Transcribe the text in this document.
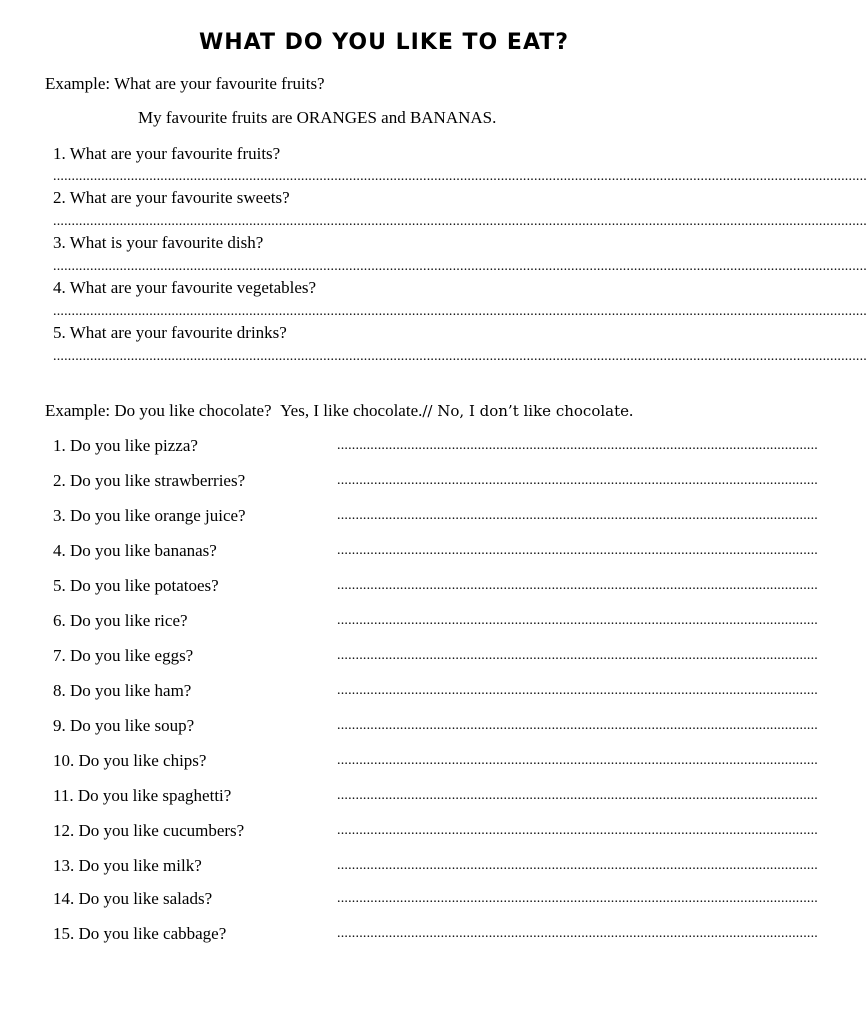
WHAT DO YOU LIKE TO EAT?
Example: What are your favourite fruits?
My favourite fruits are ORANGES and BANANAS.
1. What are your favourite fruits?
............................................................................................................................................................................................................................
2. What are your favourite sweets?
............................................................................................................................................................................................................................
3. What is your favourite dish?
............................................................................................................................................................................................................................
4. What are your favourite vegetables?
............................................................................................................................................................................................................................
5. What are your favourite drinks?
............................................................................................................................................................................................................................
Example: Do you like chocolate? Yes, I like chocolate.// No, I don’t like chocolate.
1. Do you like pizza?	..................................................................................................................................
2. Do you like strawberries?	..................................................................................................................................
3. Do you like orange juice?	..................................................................................................................................
4. Do you like bananas?	..................................................................................................................................
5. Do you like potatoes?	..................................................................................................................................
6. Do you like rice?	..................................................................................................................................
7. Do you like eggs?	..................................................................................................................................
8. Do you like ham?	..................................................................................................................................
9. Do you like soup?	..................................................................................................................................
10. Do you like chips?	..................................................................................................................................
11. Do you like spaghetti?	..................................................................................................................................
12. Do you like cucumbers?	..................................................................................................................................
13. Do you like milk?	..................................................................................................................................
14. Do you like salads?	..................................................................................................................................
15. Do you like cabbage?	..................................................................................................................................
